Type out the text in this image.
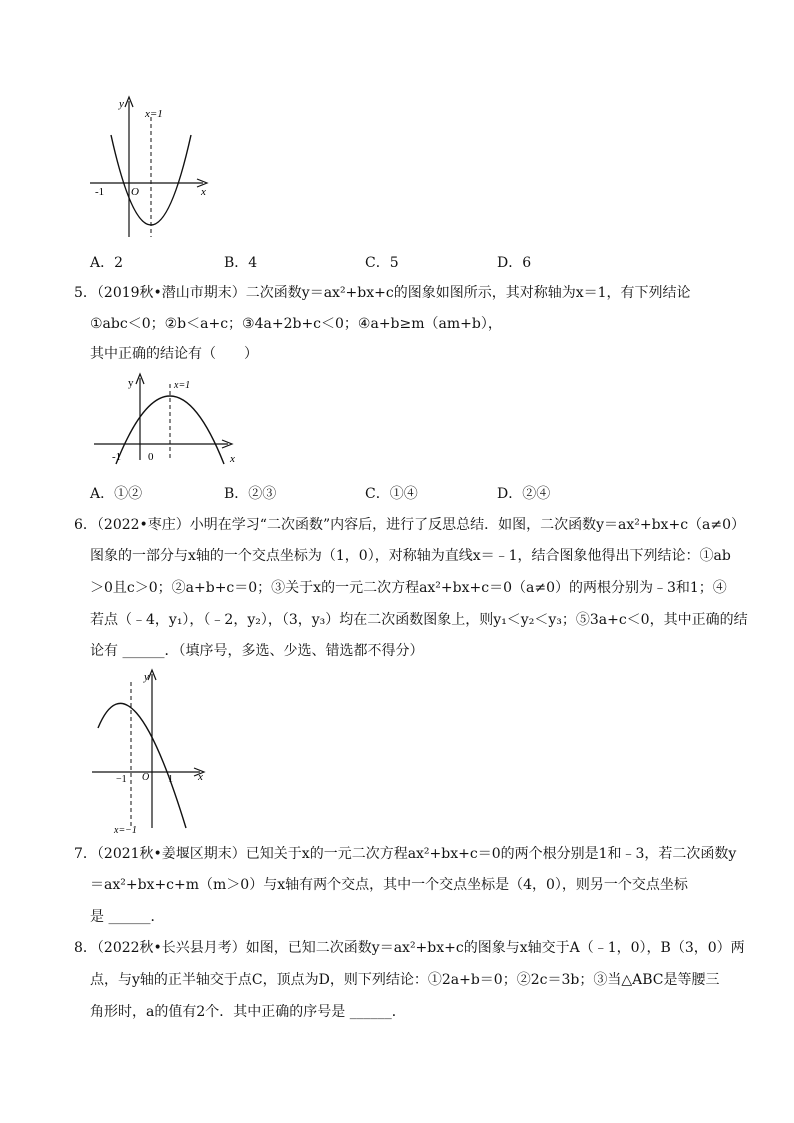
y
x=1
-1 O	x
A．2	B．4	C．5	D．6
5．（2019秋•潜山市期末）二次函数y＝ax²+bx+c的图象如图所示，其对称轴为x＝1，有下列结论
①abc＜0；②b＜a+c；③4a+2b+c＜0；④a+b≥m（am+b），
其中正确的结论有（　　）
y	x=1
-1 0	x
A．①②	B．②③	C．①④	D．②④
6．（2022•枣庄）小明在学习“二次函数”内容后，进行了反思总结．如图，二次函数y＝ax²+bx+c（a≠0）
图象的一部分与x轴的一个交点坐标为（1，0），对称轴为直线x＝﹣1，结合图象他得出下列结论：①ab
＞0且c＞0；②a+b+c＝0；③关于x的一元二次方程ax²+bx+c＝0（a≠0）的两根分别为﹣3和1；④
若点（﹣4，y₁），（﹣2，y₂），（3，y₃）均在二次函数图象上，则y₁＜y₂＜y₃；⑤3a+c＜0，其中正确的结
论有 ______．（填序号，多选、少选、错选都不得分）
y
−1 O 1 x
x=−1
7．（2021秋•姜堰区期末）已知关于x的一元二次方程ax²+bx+c＝0的两个根分别是1和﹣3，若二次函数y
＝ax²+bx+c+m（m＞0）与x轴有两个交点，其中一个交点坐标是（4，0），则另一个交点坐标
是 ______．
8．（2022秋•长兴县月考）如图，已知二次函数y＝ax²+bx+c的图象与x轴交于A（﹣1，0），B（3，0）两
点，与y轴的正半轴交于点C，顶点为D，则下列结论：①2a+b＝0；②2c＝3b；③当△ABC是等腰三
角形时，a的值有2个．其中正确的序号是 ______．
